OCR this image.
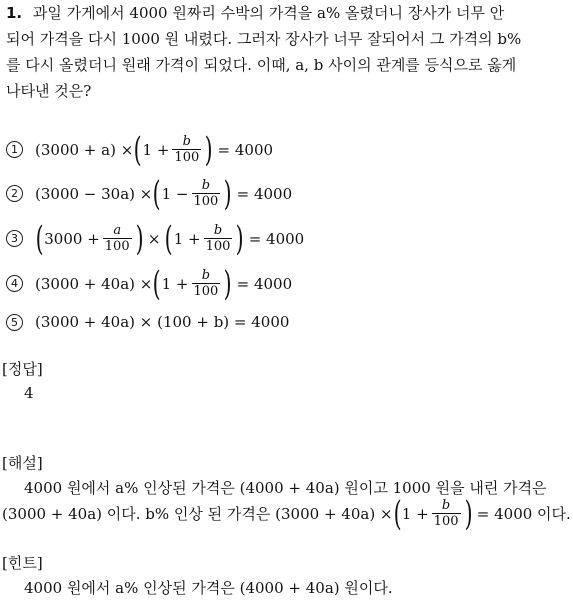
1. 과일 가게에서 4000 원짜리 수박의 가격을 a% 올렸더니 장사가 너무 안
되어 가격을 다시 1000 원 내렸다. 그러자 장사가 너무 잘되어서 그 가격의 b%
를 다시 올렸더니 원래 가격이 되었다. 이때, a, b 사이의 관계를 등식으로 옳게
나타낸 것은?
1	(3000 + a) × ( $1 + \frac{b}{100}$ ) = 4000
2	(3000 − 30a) × ( $1 - \frac{b}{100}$ ) = 4000
3 ( $3000 + \frac{a}{100}$ ) × ( $1 + \frac{b}{100}$ ) = 4000
4	(3000 + 40a) × ( $1 + \frac{b}{100}$ ) = 4000
5	(3000 + 40a) × (100 + b) = 4000
[정답]
4
[해설]
4000 원에서 a% 인상된 가격은 (4000 + 40a) 원이고 1000 원을 내린 가격은
(3000 + 40a) 이다. b% 인상 된 가격은 (3000 + 40a) × ( $1 + \frac{b}{100}$ ) = 4000 이다.
[힌트]
4000 원에서 a% 인상된 가격은 (4000 + 40a) 원이다.
